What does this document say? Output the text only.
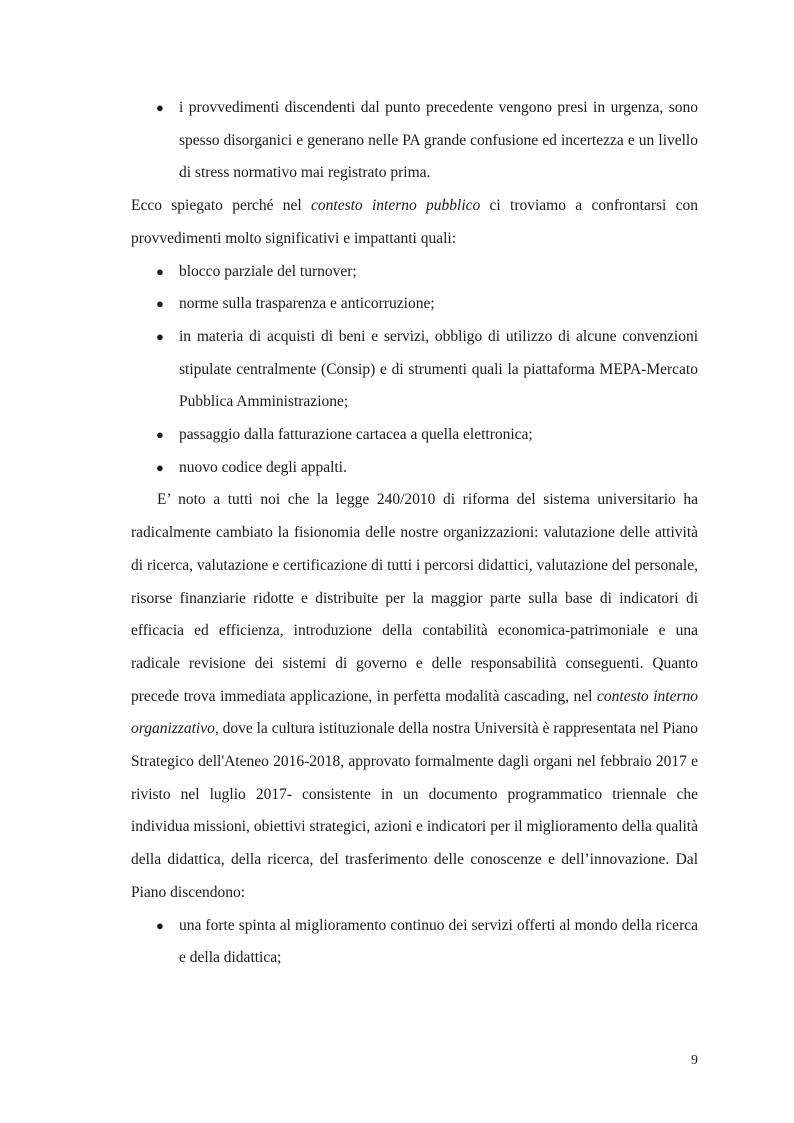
● i provvedimenti discendenti dal punto precedente vengono presi in urgenza, sono spesso disorganici e generano nelle PA grande confusione ed incertezza e un livello di stress normativo mai registrato prima.

Ecco spiegato perché nel contesto interno pubblico ci troviamo a confrontarsi con provvedimenti molto significativi e impattanti quali:

● blocco parziale del turnover;
● norme sulla trasparenza e anticorruzione;
● in materia di acquisti di beni e servizi, obbligo di utilizzo di alcune convenzioni stipulate centralmente (Consip) e di strumenti quali la piattaforma MEPA-Mercato Pubblica Amministrazione;
● passaggio dalla fatturazione cartacea a quella elettronica;
● nuovo codice degli appalti.

E’ noto a tutti noi che la legge 240/2010 di riforma del sistema universitario ha radicalmente cambiato la fisionomia delle nostre organizzazioni: valutazione delle attività di ricerca, valutazione e certificazione di tutti i percorsi didattici, valutazione del personale, risorse finanziarie ridotte e distribuite per la maggior parte sulla base di indicatori di efficacia ed efficienza, introduzione della contabilità economica-patrimoniale e una radicale revisione dei sistemi di governo e delle responsabilità conseguenti. Quanto precede trova immediata applicazione, in perfetta modalità cascading, nel contesto interno organizzativo, dove la cultura istituzionale della nostra Università è rappresentata nel Piano Strategico dell'Ateneo 2016-2018, approvato formalmente dagli organi nel febbraio 2017 e rivisto nel luglio 2017- consistente in un documento programmatico triennale che individua missioni, obiettivi strategici, azioni e indicatori per il miglioramento della qualità della didattica, della ricerca, del trasferimento delle conoscenze e dell’innovazione. Dal Piano discendono:

● una forte spinta al miglioramento continuo dei servizi offerti al mondo della ricerca e della didattica;
9
